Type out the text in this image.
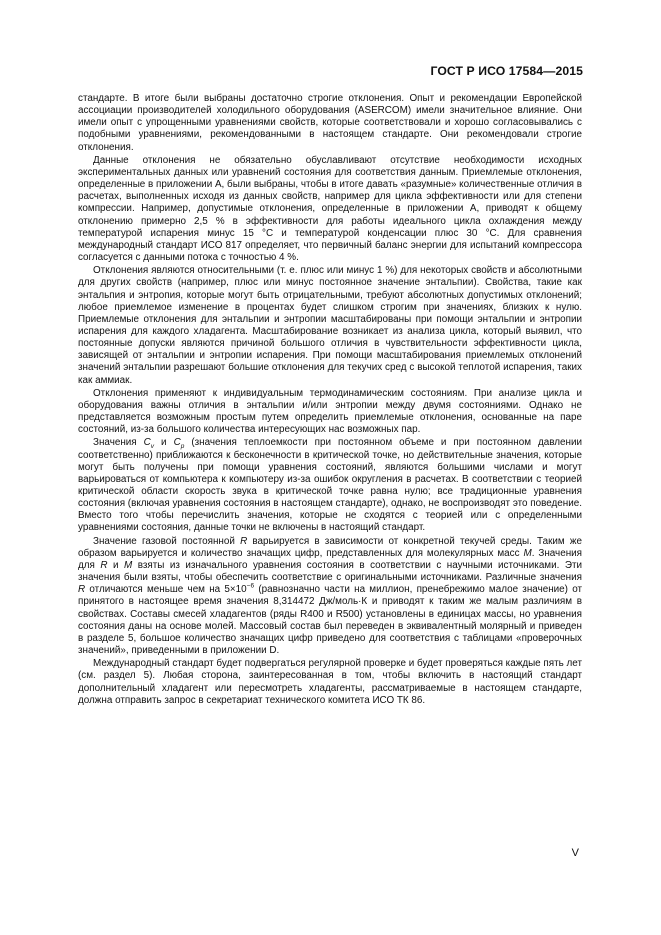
ГОСТ Р ИСО 17584—2015

стандарте. В итоге были выбраны достаточно строгие отклонения. Опыт и рекомендации Европейской ассоциации производителей холодильного оборудования (ASERCOM) имели значительное влияние. Они имели опыт с упрощенными уравнениями свойств, которые соответствовали и хорошо согласовывались с подобными уравнениями, рекомендованными в настоящем стандарте. Они рекомендовали строгие отклонения.

Данные отклонения не обязательно обуславливают отсутствие необходимости исходных экспериментальных данных или уравнений состояния для соответствия данным. Приемлемые отклонения, определенные в приложении А, были выбраны, чтобы в итоге давать «разумные» количественные отличия в расчетах, выполненных исходя из данных свойств, например для цикла эффективности или для степени компрессии. Например, допустимые отклонения, определенные в приложении А, приводят к общему отклонению примерно 2,5 % в эффективности для работы идеального цикла охлаждения между температурой испарения минус 15 °С и температурой конденсации плюс 30 °С. Для сравнения международный стандарт ИСО 817 определяет, что первичный баланс энергии для испытаний компрессора согласуется с данными потока с точностью 4 %.

Отклонения являются относительными (т. е. плюс или минус 1 %) для некоторых свойств и абсолютными для других свойств (например, плюс или минус постоянное значение энтальпии). Свойства, такие как энтальпия и энтропия, которые могут быть отрицательными, требуют абсолютных допустимых отклонений; любое приемлемое изменение в процентах будет слишком строгим при значениях, близких к нулю. Приемлемые отклонения для энтальпии и энтропии масштабированы при помощи энтальпии и энтропии испарения для каждого хладагента. Масштабирование возникает из анализа цикла, который выявил, что постоянные допуски являются причиной большого отличия в чувствительности эффективности цикла, зависящей от энтальпии и энтропии испарения. При помощи масштабирования приемлемых отклонений значений энтальпии разрешают большие отклонения для текучих сред с высокой теплотой испарения, таких как аммиак.

Отклонения применяют к индивидуальным термодинамическим состояниям. При анализе цикла и оборудования важны отличия в энтальпии и/или энтропии между двумя состояниями. Однако не представляется возможным простым путем определить приемлемые отклонения, основанные на паре состояний, из-за большого количества интересующих нас возможных пар.

Значения $C_v$ и $C_p$ (значения теплоемкости при постоянном объеме и при постоянном давлении соответственно) приближаются к бесконечности в критической точке, но действительные значения, которые могут быть получены при помощи уравнения состояний, являются большими числами и могут варьироваться от компьютера к компьютеру из-за ошибок округления в расчетах. В соответствии с теорией критической области скорость звука в критической точке равна нулю; все традиционные уравнения состояния (включая уравнения состояния в настоящем стандарте), однако, не воспроизводят это поведение. Вместо того чтобы перечислить значения, которые не сходятся с теорией или с определенными уравнениями состояния, данные точки не включены в настоящий стандарт.

Значение газовой постоянной R варьируется в зависимости от конкретной текучей среды. Таким же образом варьируется и количество значащих цифр, представленных для молекулярных масс M. Значения для R и M взяты из изначального уравнения состояния в соответствии с научными источниками. Эти значения были взяты, чтобы обеспечить соответствие с оригинальными источниками. Различные значения R отличаются меньше чем на $5\times 10^{-6}$ (равнозначно части на миллион, пренебрежимо малое значение) от принятого в настоящее время значения 8,314472 Дж/моль·К и приводят к таким же малым различиям в свойствах. Составы смесей хладагентов (ряды R400 и R500) установлены в единицах массы, но уравнения состояния даны на основе молей. Массовый состав был переведен в эквивалентный молярный и приведен в разделе 5, большое количество значащих цифр приведено для соответствия с таблицами «проверочных значений», приведенными в приложении D.

Международный стандарт будет подвергаться регулярной проверке и будет проверяться каждые пять лет (см. раздел 5). Любая сторона, заинтересованная в том, чтобы включить в настоящий стандарт дополнительный хладагент или пересмотреть хладагенты, рассматриваемые в настоящем стандарте, должна отправить запрос в секретариат технического комитета ИСО ТК 86.

V
